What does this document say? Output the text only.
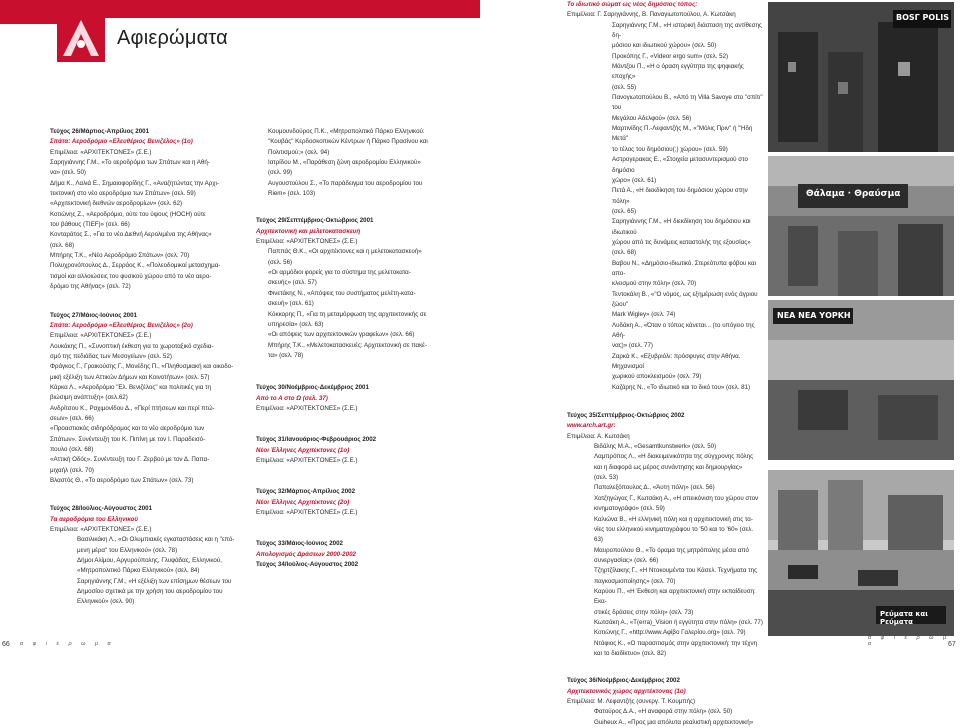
Αφιερώματα

Τεύχος 26/Μάρτιος-Απρίλιος 2001

Σπάτα: Αεροδρόμιο «Ελευθέριος Βενιζέλος» (1ο)

Επιμέλεια: «ΑΡΧΙΤΕΚΤΟΝΕΣ» (Σ.Ε.)

Σαρηγιάννης Γ.Μ., «Το αεροδρόμιο των Σπάτων και η Αθή-

να» (σελ. 50)

Δήμα Κ., Λαλιά Ε., Σημαιοφορίδης Γ., «Αναζητώντας την Αρχι-

τεκτονική στο νέο αεροδρόμιο των Σπάτων» (σελ. 59)

«Αρχιτεκτονική διεθνών αεροδρομίων» (σελ. 62)

Κοτιώνης Ζ., «Αεροδρόμιο, ούτε του ύψους (HOCH) ούτε

του βάθους (TIEF)» (σελ. 66)

Κονταράτος Σ., «Για το νέο Διεθνή Αερολιμένα της Αθήνας»

(σελ. 68)

Μπήρης Τ.Κ., «Νέο Αεροδρόμιο Σπάτων» (σελ. 70)

Πολυχρονόπουλος Δ., Σερράος Κ., «Πολεοδομικοί μετασχημα-

τισμοί και αλλοιώσεις του φυσικού χώρου από το νέο αερο-

δρόμιο της Αθήνας» (σελ. 72)

Τεύχος 27/Μάιος-Ιούνιος 2001

Σπάτα: Αεροδρόμιο «Ελευθέριος Βενιζέλος» (2ο)

Επιμέλεια: «ΑΡΧΙΤΕΚΤΟΝΕΣ» (Σ.Ε.)

Λουκάκης Π., «Συνοπτική έκθεση για το χωροταξικό σχεδια-

σμό της πεδιάδας των Μεσογείων» (σελ. 52)

Φράγκος Γ., Γραικούσης Γ., Μονέδης Π., «Πληθυσμιακή και οικοδο-

μική εξέλιξη των Αττικών Δήμων και Κοινοτήτων» (σελ. 57)

Κάρκα Λ., «Αεροδρόμιο "Ελ. Βενιζέλος" και πολιτικές για τη

βιώσιμη ανάπτυξη» (σελ.62)

Ανδρίτσου Κ., Ραχιμονίδου Δ., «Περί πτήσεων και περί πτώ-

σεων» (σελ. 66)

«Προαστιακός σιδηρόδρομος και το νέο αεροδρόμιο των

Σπάτων». Συνέντευξη του Κ. Πιπίνη με τον Ι. Παραδεισό-

πουλο (σελ. 68)

«Αττική Οδός». Συνέντευξη του Γ. Ζερβού με τον Δ. Παπα-

μιχαήλ (σελ. 70)

Βλαστός Θ., «Το αεροδρόμιο των Σπάτων» (σελ. 73)

Τεύχος 28/Ιούλιος-Αύγουστος 2001

Τα αεροδρόμια του Ελληνικού

Επιμέλεια: «ΑΡΧΙΤΕΚΤΟΝΕΣ» (Σ.Ε.)

Βασιλικάκη Λ., «Οι Ολυμπιακές εγκαταστάσεις και η "επό-

μενη μέρα" του Ελληνικού» (σελ. 78)

Δήμοι Αλίμου, Αργυρούπολης, Γλυφάδας, Ελληνικού,

«Μητροπολιτικό Πάρκο Ελληνικού» (σελ. 84)

Σαρηγιάννης Γ.Μ., «Η εξέλιξη των επίσημων θέσεων του

Δημοσίου σχετικά με την χρήση του αεροδρομίου του

Ελληνικού» (σελ. 90)

Κουμουνδούρος Π.Κ., «Μητροπολιτικό Πάρκο Ελληνικού:

"Κουβάς" Κερδοσκοπικών Κέντρων ή Πάρκο Πρασίνου και

Πολιτισμού;» (σελ. 94)

Ιατρίδου Μ., «Παράθεση ζώνη αεροδρομίου Ελληνικού»

(σελ. 99)

Αυγουστούλου Σ., «Το παράδειγμα του αεροδρομίου του

Riem» (σελ. 103)

Τεύχος 29/Σεπτέμβριος-Οκτώβριος 2001

Αρχιτεκτονική και μελετοκατασκευή

Επιμέλεια: «ΑΡΧΙΤΕΚΤΟΝΕΣ» (Σ.Ε.)

Παππάς Θ.Κ., «Οι αρχιτέκτονες και η μελετοκατασκευή»

(σελ. 56)

«Οι αρμόδιοι φορείς για το σύστημα της μελετοκατα-

σκευής» (σελ. 57)

Φινετάκης Ν., «Απόψεις του συστήματος μελέτη-κατα-

σκευή» (σελ. 61)

Κόκκορης Π., «Για τη μεταμόρφωση της αρχιτεκτονικής σε

υπηρεσία» (σελ. 63)

«Οι απόψεις των αρχιτεκτονικών γραφείων» (σελ. 66)

Μπήρης Τ.Κ., «Μελετοκατασκευές: Αρχιτεκτονική σε πακέ-

τα» (σελ. 78)

Τεύχος 30/Νοέμβριος-Δεκέμβριος 2001

Από το Α στο Ω (σελ. 37)

Επιμέλεια: «ΑΡΧΙΤΕΚΤΟΝΕΣ» (Σ.Ε.)

Τεύχος 31/Ιανουάριος-Φεβρουάριος 2002

Νέοι Έλληνες Αρχιτέκτονες (1ο)

Επιμέλεια: «ΑΡΧΙΤΕΚΤΟΝΕΣ» (Σ.Ε.)

Τεύχος 32/Μάρτιος-Απρίλιος 2002

Νέοι Έλληνες Αρχιτέκτονες (2ο)

Επιμέλεια: «ΑΡΧΙΤΕΚΤΟΝΕΣ» (Σ.Ε.)

Τεύχος 33/Μάιος-Ιούνιος 2002

Απολογισμός Δράσεων 2000-2002

Τεύχος 34/Ιούλιος-Αύγουστος 2002

Το ιδιωτικό σώματ ως νέος δημόσιος τόπος:

Επιμέλεια: Γ. Σαρηγιάννης, Β. Παναγιωτοπούλου, Α. Κωτσάκη

Σαρηγιάννης Γ.Μ., «Η ιστορική διάσταση της αντίθεσης δη-

μόσιου και ιδιωτικού χώρου» (σελ. 50)

Προκόπης Γ., «Videor ergo sum» (σελ. 52)

Μάντζου Π., «Η ο όραση εγγύτητα της ψηφιακής εποχής»

(σελ. 55)

Πανογιωτοπούλου Β., «Από τη Villa Savoye στο "σπίτι" του

Μεγάλου Αδελφού» (σελ. 56)

Μαρτινίδης Π.-Λεφαντζής Μ., «"Μόλις Πριν" ή "Ήδη Μετά"

το τέλος του δημόσιου(;) χώρου» (σελ. 59)

Αστρογερακας Ε., «Στοιχεία μετασυντερισμού στο δημόσιο

χώρο» (σελ. 61)

Πετά Α., «Η διεκδίκηση του δημόσιου χώρου στην πόλη»

(σελ. 65)

Σαρηγιάννης Γ.Μ., «Η διεκδίκηση του δημόσιου και ιδιωτικού

χώρου από τις δυνάμεις καταστολής της εξουσίας» (σελ. 68)

Βαβου Ν., «Δημόσιο-ιδιωτικό. Στερεότυπα φόβου και απο-

κλεισμού στην πόλη» (σελ. 70)

Τεντοκάλη Β., «"Ο νόμος, ως εξημέρωση ενός άγριου ζώου"

Mark Wigley» (σελ. 74)

Λυδάκη Α., «Όταν ο τόπος κάνεται... (το υπόγειο της Αθή-

νας)» (σελ. 77)

Ζαρκά Κ., «Εξυβριόλι: πρόσφυγες στην Αθήνα. Μηχανισμοί

χωρικού αποκλεισμού» (σελ. 79)

Καζάρης Ν., «Το ιδιωτικό και το δικό του» (σελ. 81)

Τεύχος 35/Σεπτέμβριος-Οκτώβριος 2002

www.arch.art.gr:

Επιμέλεια: Α. Κωτσάκη

Βιδάλης Μ.Α., «Gesamtkunstwerk» (σελ. 50)

Λαμπρόπος Λ., «Η διακειμενικότητα της σύγχρονης πόλης

και η διαφορά ως μέρος συνάντησης και δημιουργίας»

(σελ. 53)

Παπαλεξόπουλος Δ., «Άυτη πόλη» (σελ. 56)

Χατζηγώγας Γ., Κωτσάκη Α., «Η απεικόνιση του χώρου στον

κινηματογράφο» (σελ. 59)

Καλιώνα Β., «Η ελληνική πόλη και η αρχιτεκτονική στις τα-

νίες του ελληνικού κινηματογράφου το '50 και το '60» (σελ.

63)

Μαυροπούλου Θ., «Το όραμα της μητρόπολης μέσα από

συνεργασίας» (σελ. 66)

Τζηρτζίλακης Γ., «Η Ντοκουμέντα του Κάσελ. Τεχνήματα της

παγκοσμιοποίησης» (σελ. 70)

Καρύου Π., «Η Έκθεση και αρχιτεκτονική στην εκπαίδευση: Εκα-

στικές δράσεις στην πόλη» (σελ. 73)

Κωτσάκη Α., «T(erra)_Vision ή εγγύτητα στην πόλη» (σελ. 77)

Κοτιώνης Γ., «http://www.Αφίβο Γαλερίου.org» (σελ. 79)

Ντάφιος Κ., «Ο παρασιτισμός στην αρχιτεκτονική: την τέχνη

και το διαδίκτυο» (σελ. 82)

Τεύχος 36/Νοέμβριος-Δεκέμβριος 2002

Αρχιτεκτονικός χώρος αρχιτέκτονας (1ο)

Επιμέλεια: Μ. Λεφαντζής (συνεργ. Τ. Κουμπής)

Φατούρος Δ.Α., «Η αναφορά στην πόλη» (σελ. 50)

Guiheux A., «Προς μια απόλυτα ρεαλιστική αρχιτεκτονική»

BOSΓ POLIS
Θάλαμα · Θραύσμα
ΝΕΑ ΝΕΑ ΥΟΡΚΗ
Ρεύματα και Ρεύματα
66 α φ ι ε ρ ω μ α
α φ ι ε ρ ω μ α	67
